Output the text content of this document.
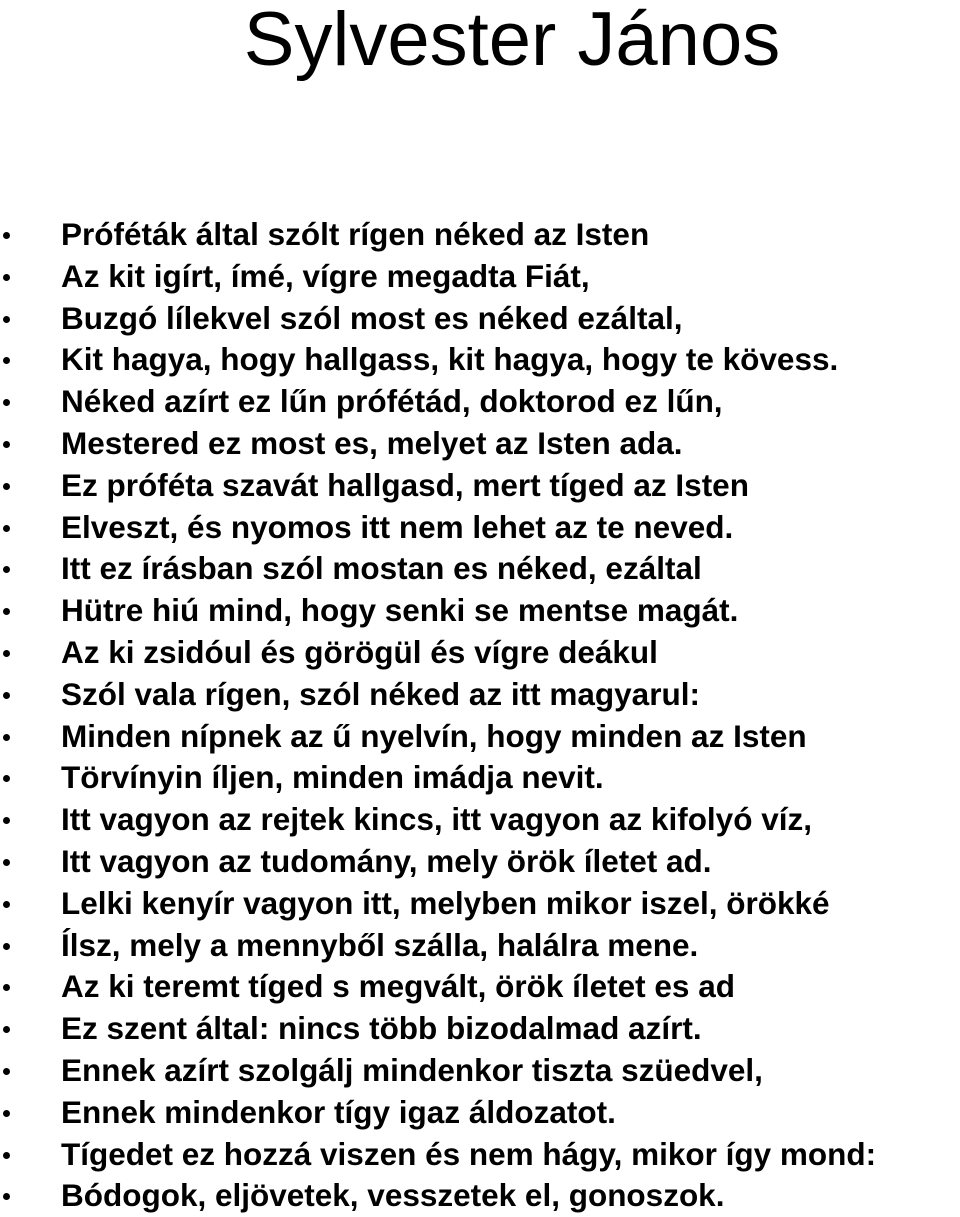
Sylvester János
Próféták által szólt rígen néked az Isten
Az kit igírt, ímé, vígre megadta Fiát,
Buzgó lílekvel szól most es néked ezáltal,
Kit hagya, hogy hallgass, kit hagya, hogy te kövess.
Néked azírt ez lűn prófétád, doktorod ez lűn,
Mestered ez most es, melyet az Isten ada.
Ez próféta szavát hallgasd, mert tíged az Isten
Elveszt, és nyomos itt nem lehet az te neved.
Itt ez írásban szól mostan es néked, ezáltal
Hütre hiú mind, hogy senki se mentse magát.
Az ki zsidóul és görögül és vígre deákul
Szól vala rígen, szól néked az itt magyarul:
Minden nípnek az ű nyelvín, hogy minden az Isten
Törvínyin íljen, minden imádja nevit.
Itt vagyon az rejtek kincs, itt vagyon az kifolyó víz,
Itt vagyon az tudomány, mely örök íletet ad.
Lelki kenyír vagyon itt, melyben mikor iszel, örökké
Ílsz, mely a mennyből szálla, halálra mene.
Az ki teremt tíged s megvált, örök íletet es ad
Ez szent által: nincs több bizodalmad azírt.
Ennek azírt szolgálj mindenkor tiszta szüedvel,
Ennek mindenkor tígy igaz áldozatot.
Tígedet ez hozzá viszen és nem hágy, mikor így mond:
Bódogok, eljövetek, vesszetek el, gonoszok.
